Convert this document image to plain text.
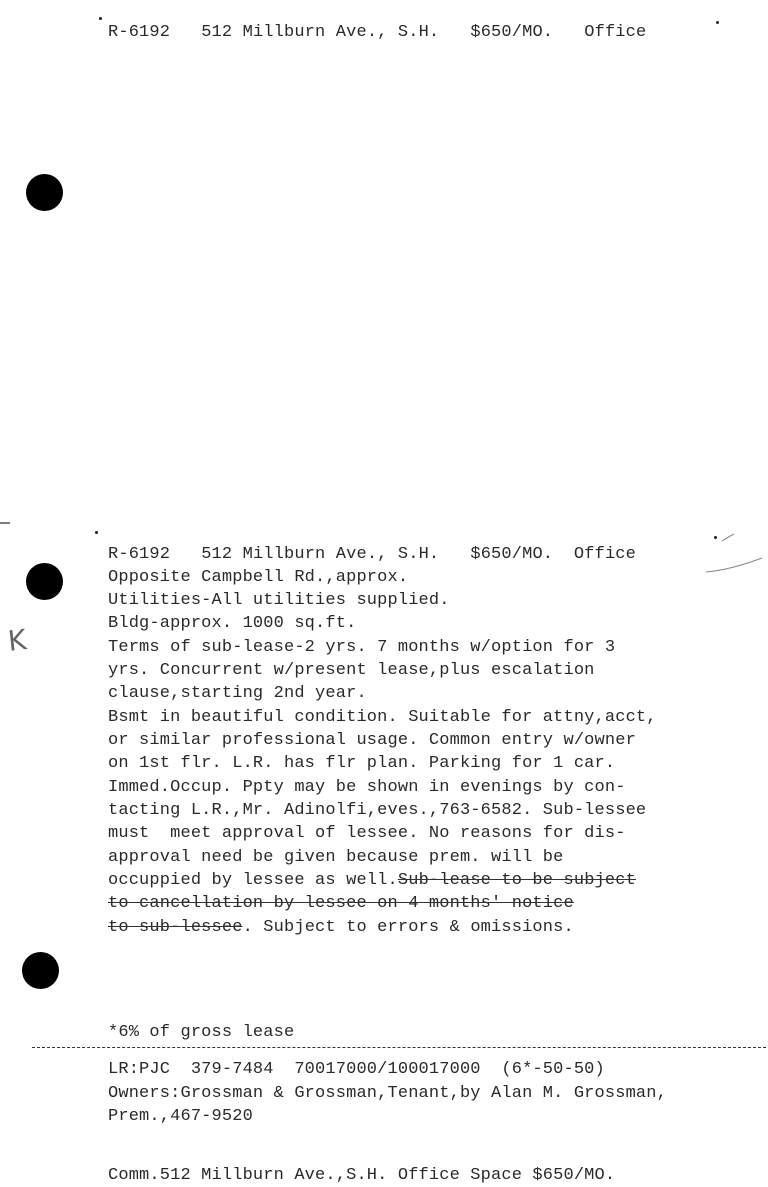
R-6192 512 Millburn Ave., S.H. $650/MO. Office
R-6192 512 Millburn Ave., S.H. $650/MO. Office
K
Opposite Campbell Rd.,approx.
Utilities-All utilities supplied.
Bldg-approx. 1000 sq.ft.
Terms of sub-lease-2 yrs. 7 months w/option for 3
yrs. Concurrent w/present lease,plus escalation
clause,starting 2nd year.
Bsmt in beautiful condition. Suitable for attny,acct,
or similar professional usage. Common entry w/owner
on 1st flr. L.R. has flr plan. Parking for 1 car.
Immed.Occup. Ppty may be shown in evenings by con-
tacting L.R.,Mr. Adinolfi,eves.,763-6582. Sub-lessee
must  meet approval of lessee. No reasons for dis-
approval need be given because prem. will be
occuppied by lessee as well.Sub-lease to be subject
to cancellation by lessee on 4 months' notice
to sub-lessee. Subject to errors & omissions.
*6% of gross lease
LR:PJC  379-7484  70017000/100017000  (6*-50-50)
Owners:Grossman & Grossman,Tenant,by Alan M. Grossman,
Prem.,467-9520
Comm.512 Millburn Ave.,S.H. Office Space $650/MO.
